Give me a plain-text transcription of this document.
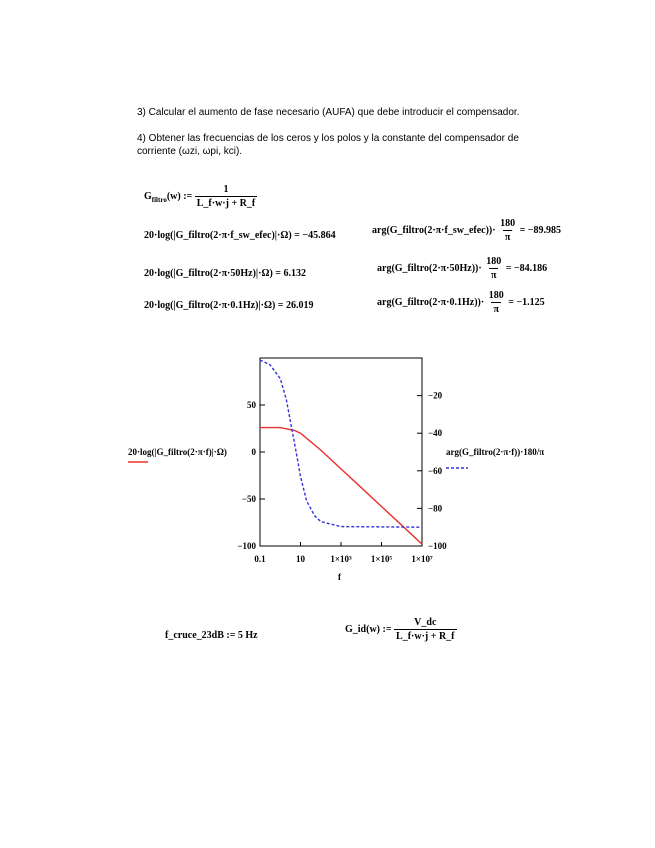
3) Calcular el aumento de fase necesario (AUFA) que debe introducir el compensador.
4) Obtener las frecuencias de los ceros y los polos y la constante del compensador de corriente (ωzi, ωpi, kci).
$G_{filtro}(w)$ := $\frac{1}{L\_f\cdot w\cdot j + R\_f}$
20·log(|G_filtro(2·π·f_sw_efec)|·Ω) = −45.864
20·log(|G_filtro(2·π·50Hz)|·Ω) = 6.132
20·log(|G_filtro(2·π·0.1Hz)|·Ω) = 26.019
arg(G_filtro(2·π·f_sw_efec))· $\frac{180}{\pi} = -89.985$
arg(G_filtro(2·π·50Hz))· $\frac{180}{\pi} = -84.186$
arg(G_filtro(2·π·0.1Hz))· $\frac{180}{\pi} = -1.125$
50
0
−50
−100
−20
−40
−60
−80
−100
0.1	10	1×10³ 1×10⁵ 1×10⁷
f
20·log(|G_filtro(2·π·f)|·Ω)	arg(G_filtro(2·π·f))·180/π
f_cruce_23dB := 5 Hz
G_id(w) := $\frac{V\_dc}{L\_f\cdot w\cdot j + R\_f}$
